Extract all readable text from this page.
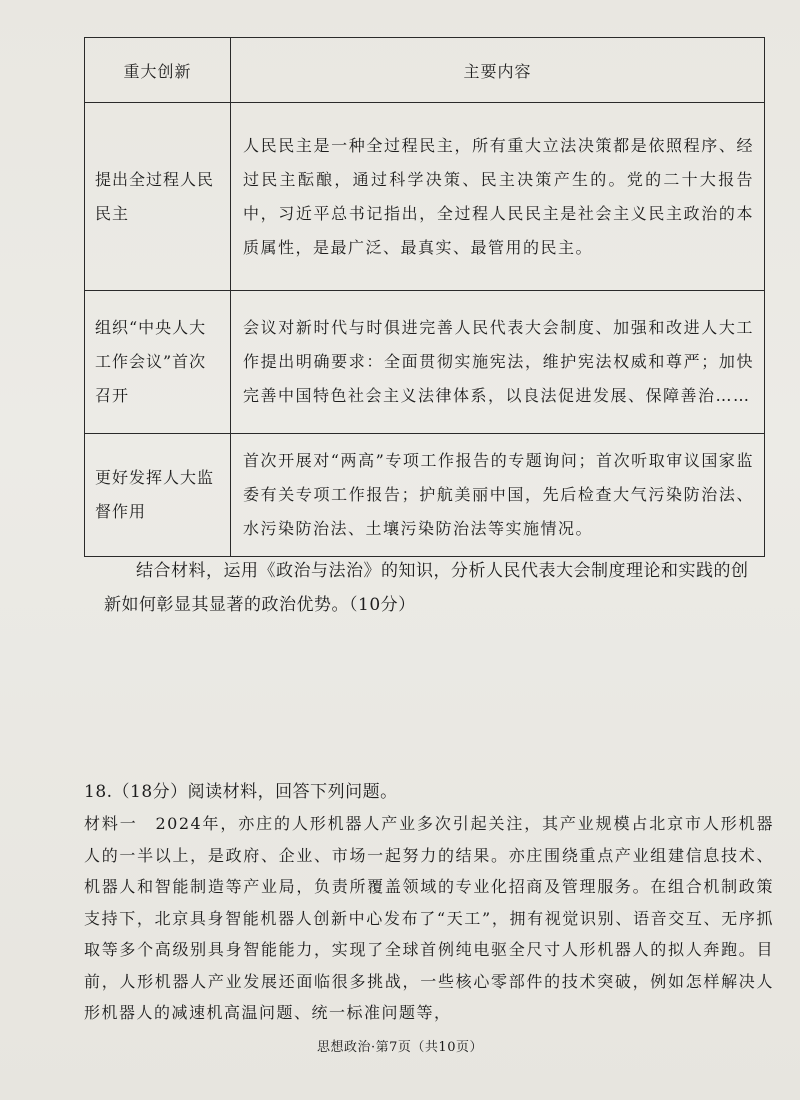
重大创新	主要内容
提出全过程人民民主	人民民主是一种全过程民主，所有重大立法决策都是依照程序、经过民主酝酿，通过科学决策、民主决策产生的。党的二十大报告中，习近平总书记指出，全过程人民民主是社会主义民主政治的本质属性，是最广泛、最真实、最管用的民主。
组织“中央人大工作会议”首次召开	会议对新时代与时俱进完善人民代表大会制度、加强和改进人大工作提出明确要求：全面贯彻实施宪法，维护宪法权威和尊严；加快完善中国特色社会主义法律体系，以良法促进发展、保障善治……
更好发挥人大监督作用	首次开展对“两高”专项工作报告的专题询问；首次听取审议国家监委有关专项工作报告；护航美丽中国，先后检查大气污染防治法、水污染防治法、土壤污染防治法等实施情况。
结合材料，运用《政治与法治》的知识，分析人民代表大会制度理论和实践的创新如何彰显其显著的政治优势。（10分）
18.（18分）阅读材料，回答下列问题。
材料一　2024年，亦庄的人形机器人产业多次引起关注，其产业规模占北京市人形机器人的一半以上，是政府、企业、市场一起努力的结果。亦庄围绕重点产业组建信息技术、机器人和智能制造等产业局，负责所覆盖领域的专业化招商及管理服务。在组合机制政策支持下，北京具身智能机器人创新中心发布了“天工”，拥有视觉识别、语音交互、无序抓取等多个高级别具身智能能力，实现了全球首例纯电驱全尺寸人形机器人的拟人奔跑。目前，人形机器人产业发展还面临很多挑战，一些核心零部件的技术突破，例如怎样解决人形机器人的减速机高温问题、统一标准问题等，
思想政治·第7页（共10页）
